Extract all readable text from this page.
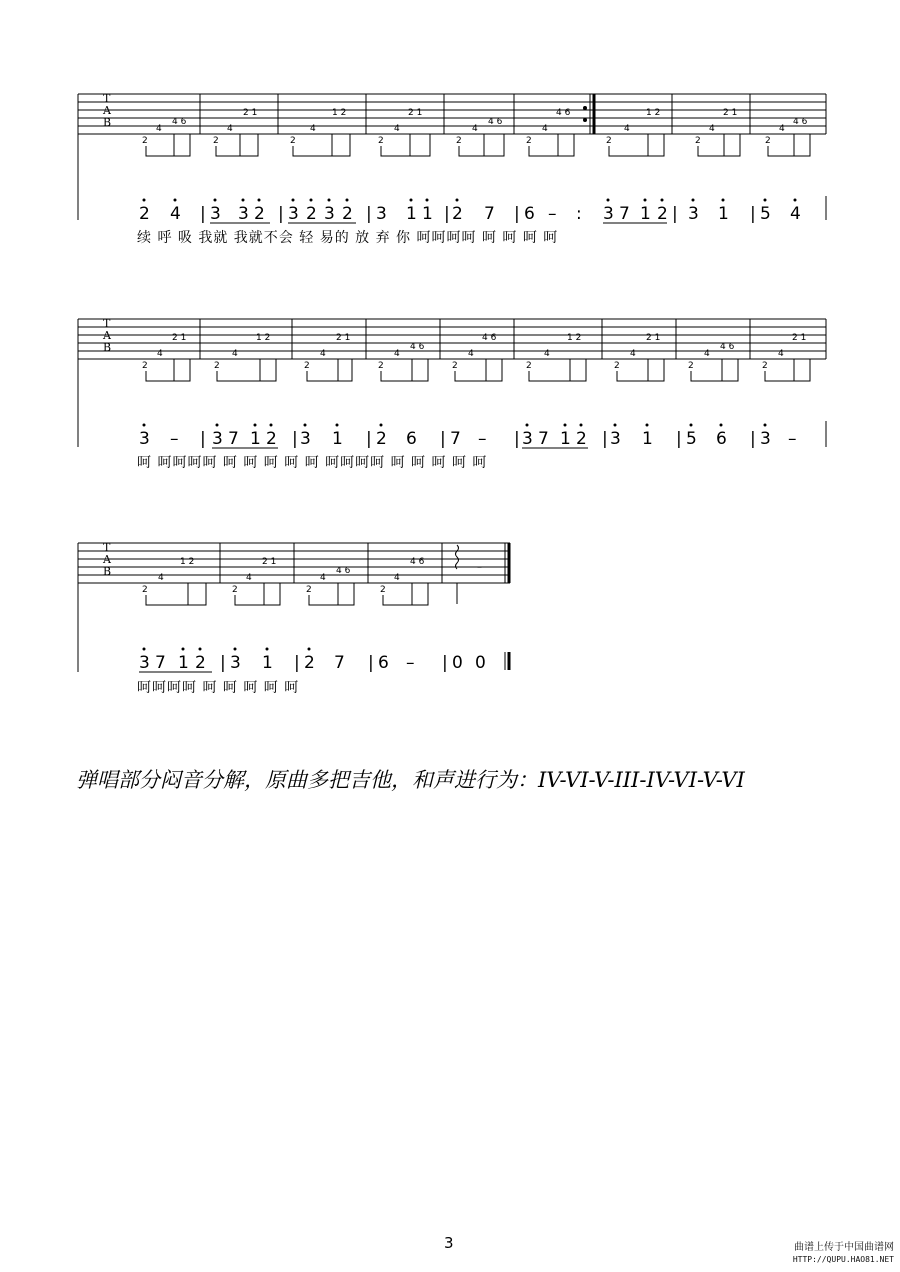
2
4
4 6
2
4
2 1
2
4
1 2
2
4
2 1
2
4
4 6
2
4
4 6
2
4
1 2
2
4
2 1
2
4
4 6
2 4 | 3 3 2 | 3 2 3 2 | 3 1 1 | 2 7 | 6 – : 3 7 1 2 | 3 1 | 5 4
续 呼 吸 我就 我就不会 轻 易的 放 弃 你 呵呵呵呵 呵 呵 呵 呵
2
4
2 1
2
4
1 2
2
4
2 1
2
4
4 6
2
4
4 6
2
4
1 2
2
4
2 1
2
4
4 6
2
4
2 1
3 – | 3 7 1 2 | 3 1 | 2 6 | 7 – | 3 7 1 2 | 3 1 | 5 6 | 3 –
呵 呵呵呵呵 呵 呵 呵 呵 呵 呵呵呵呵 呵 呵 呵 呵 呵
–
2
4
1 2
2
4
2 1
2
4
4 6
2
4
4 6
3 7 1 2 | 3 1 | 2 7 | 6 – | 0 0
呵呵呵呵 呵 呵 呵 呵 呵
T
A
B
T
A
B
T
A
B
弹唱部分闷音分解，原曲多把吉他，和声进行为：IV-VI-V-III-IV-VI-V-VI
3	曲谱上传于中国曲谱网
HTTP://QUPU.HAO81.NET
